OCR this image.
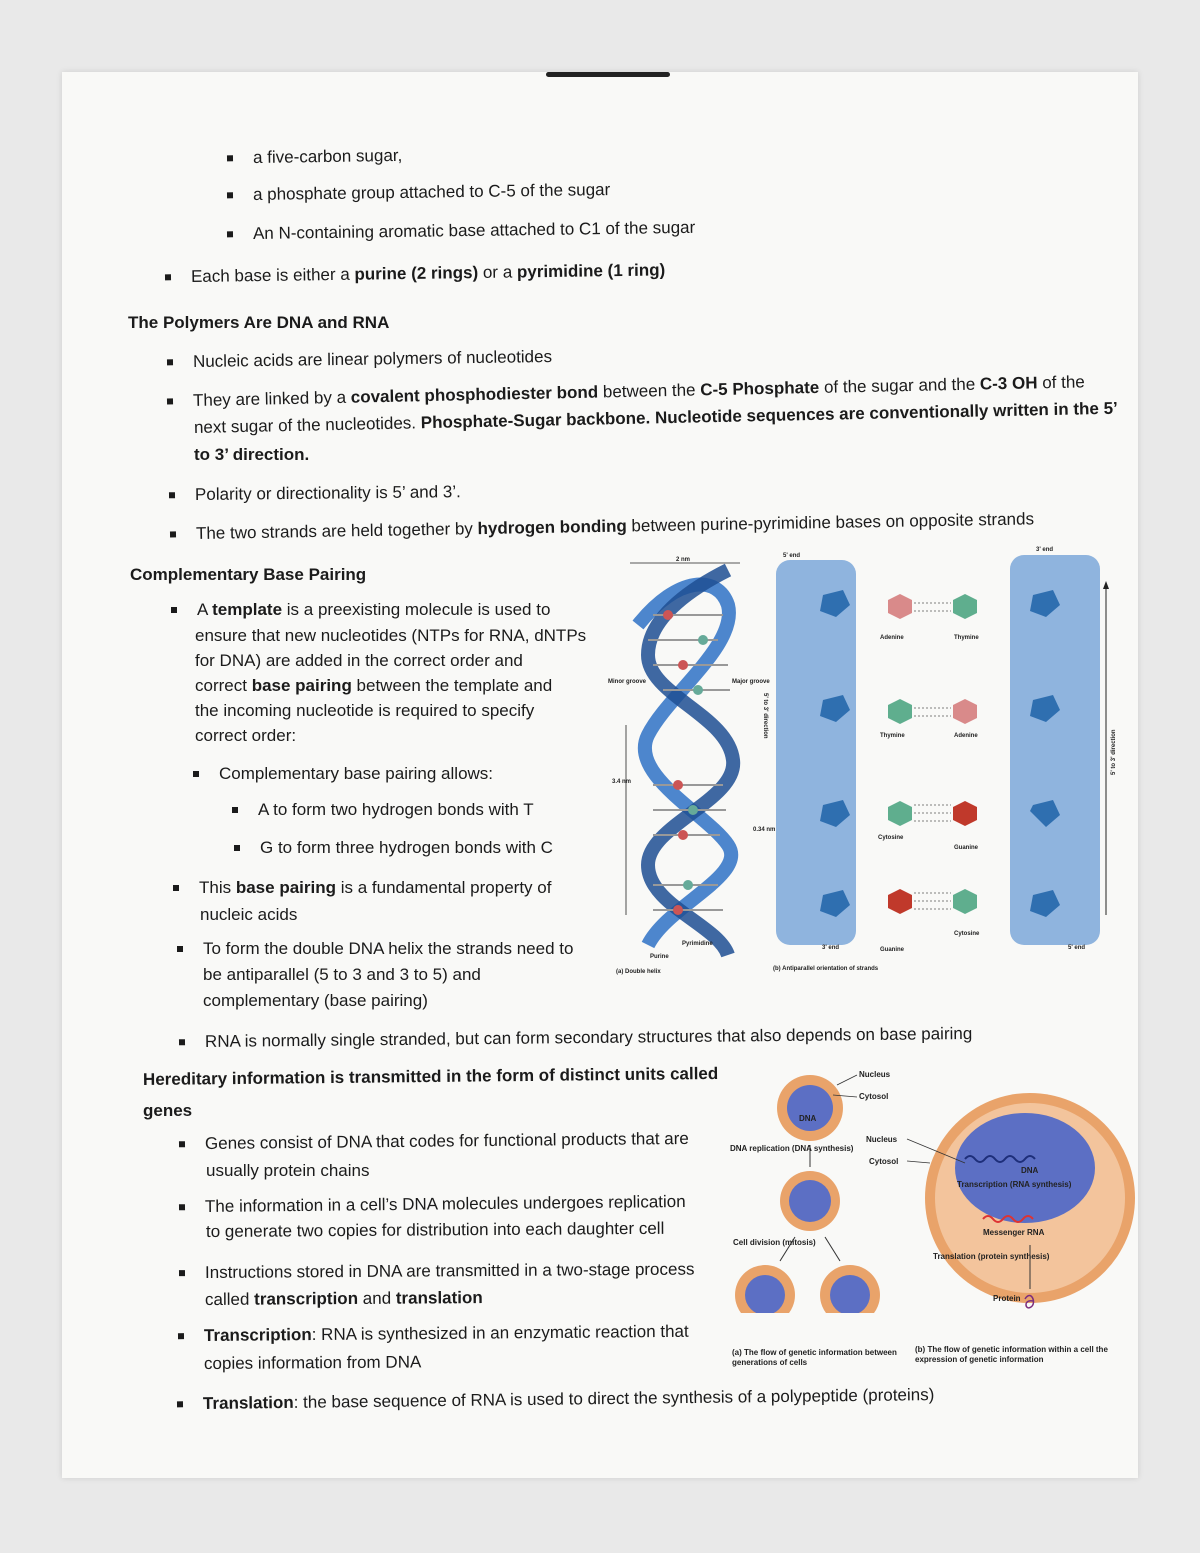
a five-carbon sugar,
a phosphate group attached to C-5 of the sugar
An N-containing aromatic base attached to C1 of the sugar
Each base is either a purine (2 rings) or a pyrimidine (1 ring)
The Polymers Are DNA and RNA
Nucleic acids are linear polymers of nucleotides
They are linked by a covalent phosphodiester bond between the C-5 Phosphate of the sugar and the C-3 OH of the
next sugar of the nucleotides. Phosphate-Sugar backbone. Nucleotide sequences are conventionally written in the 5’
to 3’ direction.
Polarity or directionality is 5’ and 3’.
The two strands are held together by hydrogen bonding between purine-pyrimidine bases on opposite strands
Complementary Base Pairing
A template is a preexisting molecule is used to
ensure that new nucleotides (NTPs for RNA, dNTPs
for DNA) are added in the correct order and
correct base pairing between the template and
the incoming nucleotide is required to specify
correct order:
Complementary base pairing allows:
A to form two hydrogen bonds with T
G to form three hydrogen bonds with C
This base pairing is a fundamental property of
nucleic acids
To form the double DNA helix the strands need to
be antiparallel (5 to 3 and 3 to 5) and
complementary (base pairing)
RNA is normally single stranded, but can form secondary structures that also depends on base pairing
Hereditary information is transmitted in the form of distinct units called
genes
Genes consist of DNA that codes for functional products that are
usually protein chains
The information in a cell’s DNA molecules undergoes replication
to generate two copies for distribution into each daughter cell
Instructions stored in DNA are transmitted in a two-stage process
called transcription and translation
Transcription: RNA is synthesized in an enzymatic reaction that
copies information from DNA
Translation: the base sequence of RNA is used to direct the synthesis of a polypeptide (proteins)
2 nm
Minor groove	Major groove
3.4 nm
0.34 nm
5' to 3' direction
Purine
Pyrimidine
(a) Double helix
5' end
3' end
Adenine	Thymine
Thymine	Adenine
Cytosine
Guanine
Guanine
Cytosine
3' end	5' end
5' to 3' direction
(b) Antiparallel orientation of strands
DNA
Nucleus
Cytosol
DNA replication (DNA synthesis)
Cell division (mitosis)
Nucleus
Cytosol
DNA
Transcription (RNA synthesis)
Messenger RNA
Translation (protein synthesis)
Protein
(a) The flow of genetic information between generations of cells
(b) The flow of genetic information within a cell the expression of genetic information
